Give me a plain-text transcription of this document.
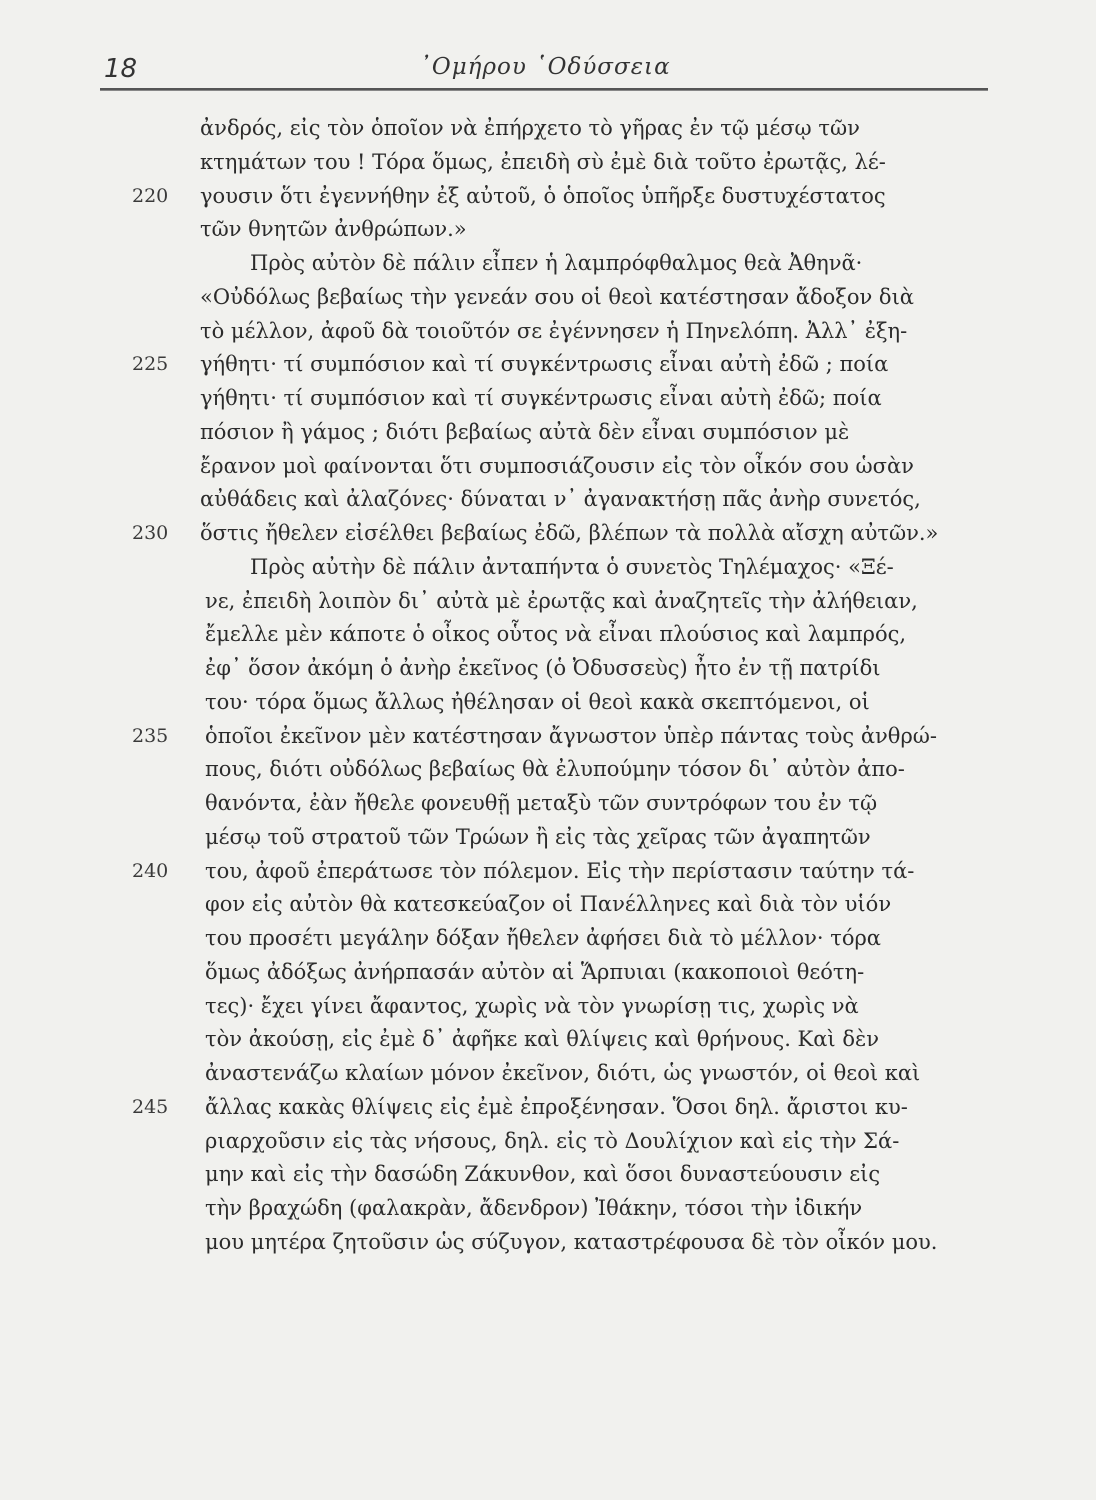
18	᾿Ομήρου ῾Οδύσσεια
ἀνδρός, εἰς τὸν ὁποῖον νὰ ἐπήρχετο τὸ γῆρας ἐν τῷ μέσῳ τῶν
κτημάτων του ! Τόρα ὅμως, ἐπειδὴ σὺ ἐμὲ διὰ τοῦτο ἐρωτᾷς, λέ-
220 γουσιν ὅτι ἐγεννήθην ἐξ αὐτοῦ, ὁ ὁποῖος ὑπῆρξε δυστυχέστατος
τῶν θνητῶν ἀνθρώπων.»
Πρὸς αὐτὸν δὲ πάλιν εἶπεν ἡ λαμπρόφθαλμος θεὰ Ἀθηνᾶ·
«Οὐδόλως βεβαίως τὴν γενεάν σου οἱ θεοὶ κατέστησαν ἄδοξον διὰ
τὸ μέλλον, ἀφοῦ δὰ τοιοῦτόν σε ἐγέννησεν ἡ Πηνελόπη. Ἀλλ᾿ ἐξη-
225 γήθητι· τί συμπόσιον καὶ τί συγκέντρωσις εἶναι αὐτὴ ἐδῶ ; ποία
γήθητι· τί συμπόσιον καὶ τί συγκέντρωσις εἶναι αὐτὴ ἐδῶ; ποία
πόσιον ἢ γάμος ; διότι βεβαίως αὐτὰ δὲν εἶναι συμπόσιον μὲ
ἔρανον μοὶ φαίνονται ὅτι συμποσιάζουσιν εἰς τὸν οἶκόν σου ὡσὰν
αὐθάδεις καὶ ἀλαζόνες· δύναται ν᾿ ἀγανακτήσῃ πᾶς ἀνὴρ συνετός,
230 ὅστις ἤθελεν εἰσέλθει βεβαίως ἐδῶ, βλέπων τὰ πολλὰ αἴσχη αὐτῶν.»
Πρὸς αὐτὴν δὲ πάλιν ἀνταπήντα ὁ συνετὸς Τηλέμαχος· «Ξέ-
νε, ἐπειδὴ λοιπὸν δι᾿ αὐτὰ μὲ ἐρωτᾷς καὶ ἀναζητεῖς τὴν ἀλήθειαν,
ἔμελλε μὲν κάποτε ὁ οἶκος οὗτος νὰ εἶναι πλούσιος καὶ λαμπρός,
ἐφ᾿ ὅσον ἀκόμη ὁ ἀνὴρ ἐκεῖνος (ὁ Ὀδυσσεὺς) ἦτο ἐν τῇ πατρίδι
του· τόρα ὅμως ἄλλως ἠθέλησαν οἱ θεοὶ κακὰ σκεπτόμενοι, οἱ
235 ὁποῖοι ἐκεῖνον μὲν κατέστησαν ἄγνωστον ὑπὲρ πάντας τοὺς ἀνθρώ-
πους, διότι οὐδόλως βεβαίως θὰ ἐλυπούμην τόσον δι᾿ αὐτὸν ἀπο-
θανόντα, ἐὰν ἤθελε φονευθῇ μεταξὺ τῶν συντρόφων του ἐν τῷ
μέσῳ τοῦ στρατοῦ τῶν Τρώων ἢ εἰς τὰς χεῖρας τῶν ἀγαπητῶν
240 του, ἀφοῦ ἐπεράτωσε τὸν πόλεμον. Εἰς τὴν περίστασιν ταύτην τά-
φον εἰς αὐτὸν θὰ κατεσκεύαζον οἱ Πανέλληνες καὶ διὰ τὸν υἱόν
του προσέτι μεγάλην δόξαν ἤθελεν ἀφήσει διὰ τὸ μέλλον· τόρα
ὅμως ἀδόξως ἀνήρπασάν αὐτὸν αἱ Ἅρπυιαι (κακοποιοὶ θεότη-
τες)· ἔχει γίνει ἄφαντος, χωρὶς νὰ τὸν γνωρίσῃ τις, χωρὶς νὰ
τὸν ἀκούσῃ, εἰς ἐμὲ δ᾿ ἀφῆκε καὶ θλίψεις καὶ θρήνους. Καὶ δὲν
ἀναστενάζω κλαίων μόνον ἐκεῖνον, διότι, ὡς γνωστόν, οἱ θεοὶ καὶ
245 ἄλλας κακὰς θλίψεις εἰς ἐμὲ ἐπροξένησαν. Ὅσοι δηλ. ἄριστοι κυ-
ριαρχοῦσιν εἰς τὰς νήσους, δηλ. εἰς τὸ Δουλίχιον καὶ εἰς τὴν Σά-
μην καὶ εἰς τὴν δασώδη Ζάκυνθον, καὶ ὅσοι δυναστεύουσιν εἰς
τὴν βραχώδη (φαλακρὰν, ἄδενδρον) Ἰθάκην, τόσοι τὴν ἰδικήν
μου μητέρα ζητοῦσιν ὡς σύζυγον, καταστρέφουσα δὲ τὸν οἶκόν μου.
